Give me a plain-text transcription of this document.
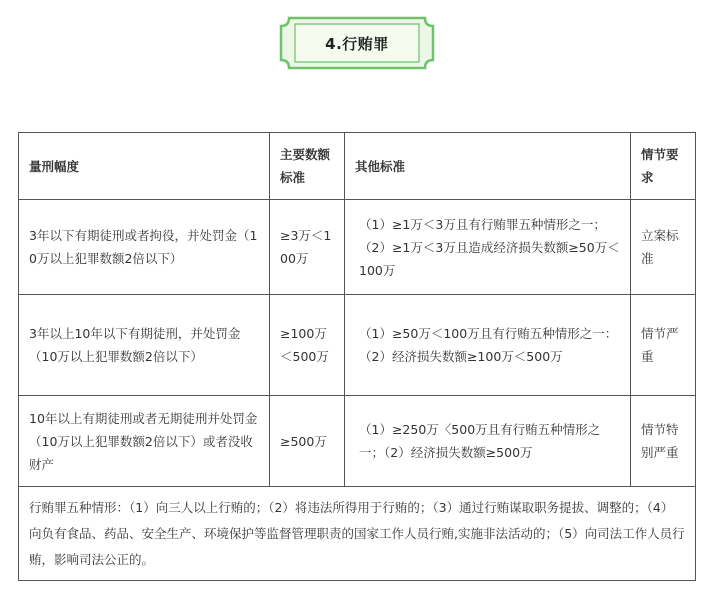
4.行贿罪
量刑幅度	主要数额标准	其他标准	情节要求
3年以下有期徒刑或者拘役，并处罚金（10万以上犯罪数额2倍以下）	≥3万＜100万	（1）≥1万＜3万且有行贿罪五种情形之一；（2）≥1万＜3万且造成经济损失数额≥50万＜100万	立案标准
3年以上10年以下有期徒刑，并处罚金（10万以上犯罪数额2倍以下）	≥100万＜500万	（1）≥50万＜100万且有行贿五种情形之一：（2）经济损失数额≥100万＜500万	情节严重
10年以上有期徒刑或者无期徒刑并处罚金（10万以上犯罪数额2倍以下）或者没收财产	≥500万	（1）≥250万〈500万且有行贿五种情形之一；（2）经济损失数额≥500万	情节特别严重
行贿罪五种情形：（1）向三人以上行贿的；（2）将违法所得用于行贿的；（3）通过行贿谋取职务提拔、调整的；（4）向负有食品、药品、安全生产、环境保护等监督管理职责的国家工作人员行贿,实施非法活动的；（5）向司法工作人员行贿，影响司法公正的。			
